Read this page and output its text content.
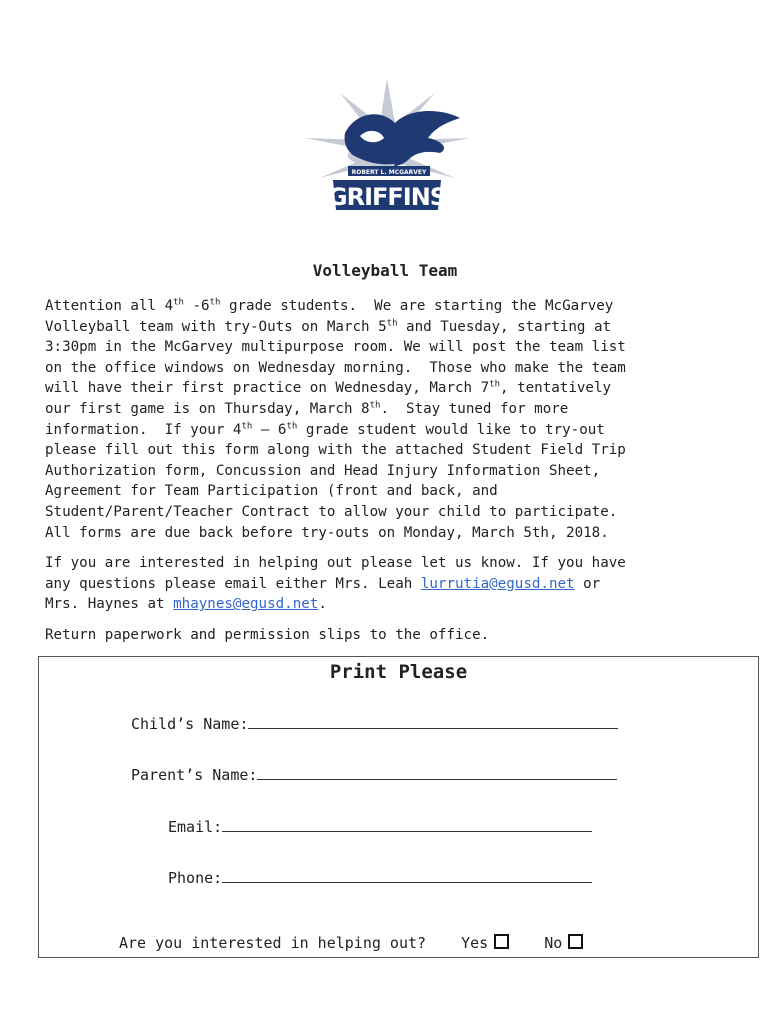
ROBERT L. MCGARVEY
GRIFFINS
Volleyball Team

Attention all 4th -6th grade students.  We are starting the McGarvey
Volleyball team with try-Outs on March 5th and Tuesday, starting at
3:30pm in the McGarvey multipurpose room. We will post the team list
on the office windows on Wednesday morning.  Those who make the team
will have their first practice on Wednesday, March 7th, tentatively
our first game is on Thursday, March 8th.  Stay tuned for more
information.  If your 4th – 6th grade student would like to try-out
please fill out this form along with the attached Student Field Trip
Authorization form, Concussion and Head Injury Information Sheet,
Agreement for Team Participation (front and back, and
Student/Parent/Teacher Contract to allow your child to participate.
All forms are due back before try-outs on Monday, March 5th, 2018.

If you are interested in helping out please let us know. If you have
any questions please email either Mrs. Leah lurrutia@egusd.net or
Mrs. Haynes at mhaynes@egusd.net.

Return paperwork and permission slips to the office.

Print Please
Child’s Name:
Parent’s Name:
Email:
Phone:
Are you interested in helping out? Yes	No
